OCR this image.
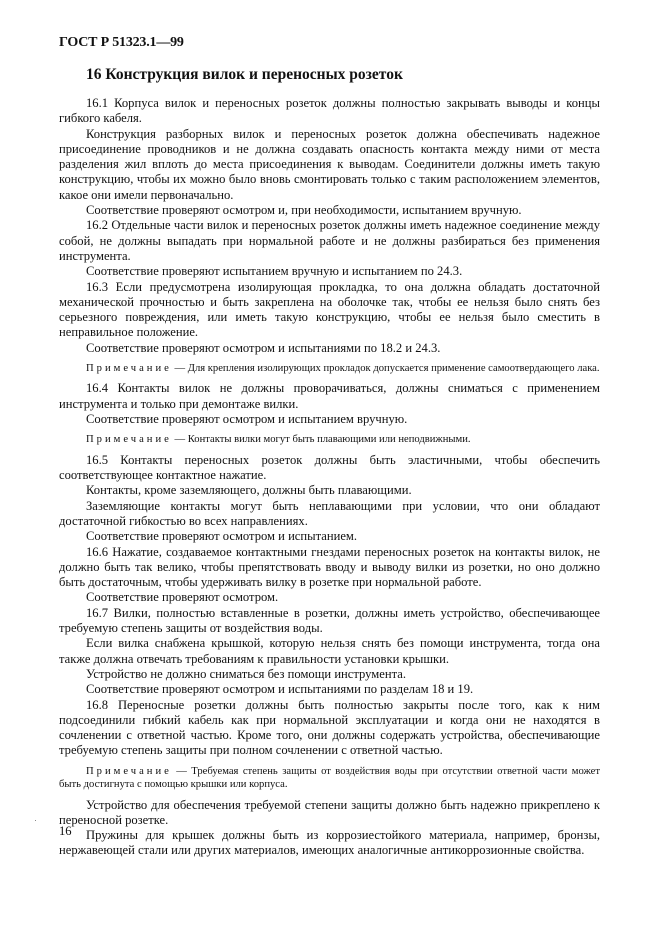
ГОСТ Р 51323.1—99
16 Конструкция вилок и переносных розеток

16.1 Корпуса вилок и переносных розеток должны полностью закрывать выводы и концы гибкого кабеля.

Конструкция разборных вилок и переносных розеток должна обеспечивать надежное присоединение проводников и не должна создавать опасность контакта между ними от места разделения жил вплоть до места присоединения к выводам. Соединители должны иметь такую конструкцию, чтобы их можно было вновь смонтировать только с таким расположением элементов, какое они имели первоначально.

Соответствие проверяют осмотром и, при необходимости, испытанием вручную.

16.2 Отдельные части вилок и переносных розеток должны иметь надежное соединение между собой, не должны выпадать при нормальной работе и не должны разбираться без применения инструмента.

Соответствие проверяют испытанием вручную и испытанием по 24.3.

16.3 Если предусмотрена изолирующая прокладка, то она должна обладать достаточной механической прочностью и быть закреплена на оболочке так, чтобы ее нельзя было снять без серьезного повреждения, или иметь такую конструкцию, чтобы ее нельзя было сместить в неправильное положение.

Соответствие проверяют осмотром и испытаниями по 18.2 и 24.3.

Примечание — Для крепления изолирующих прокладок допускается применение самоотвердающего лака.

16.4 Контакты вилок не должны проворачиваться, должны сниматься с применением инструмента и только при демонтаже вилки.

Соответствие проверяют осмотром и испытанием вручную.

Примечание — Контакты вилки могут быть плавающими или неподвижными.

16.5 Контакты переносных розеток должны быть эластичными, чтобы обеспечить соответствующее контактное нажатие.

Контакты, кроме заземляющего, должны быть плавающими.

Заземляющие контакты могут быть неплавающими при условии, что они обладают достаточной гибкостью во всех направлениях.

Соответствие проверяют осмотром и испытанием.

16.6 Нажатие, создаваемое контактными гнездами переносных розеток на контакты вилок, не должно быть так велико, чтобы препятствовать вводу и выводу вилки из розетки, но оно должно быть достаточным, чтобы удерживать вилку в розетке при нормальной работе.

Соответствие проверяют осмотром.

16.7 Вилки, полностью вставленные в розетки, должны иметь устройство, обеспечивающее требуемую степень защиты от воздействия воды.

Если вилка снабжена крышкой, которую нельзя снять без помощи инструмента, тогда она также должна отвечать требованиям к правильности установки крышки.

Устройство не должно сниматься без помощи инструмента.

Соответствие проверяют осмотром и испытаниями по разделам 18 и 19.

16.8 Переносные розетки должны быть полностью закрыты после того, как к ним подсоединили гибкий кабель как при нормальной эксплуатации и когда они не находятся в сочленении с ответной частью. Кроме того, они должны содержать устройства, обеспечивающие требуемую степень защиты при полном сочленении с ответной частью.

Примечание — Требуемая степень защиты от воздействия воды при отсутствии ответной части может быть достигнута с помощью крышки или корпуса.

Устройство для обеспечения требуемой степени защиты должно быть надежно прикреплено к переносной розетке.

Пружины для крышек должны быть из коррозиестойкого материала, например, бронзы, нержавеющей стали или других материалов, имеющих аналогичные антикоррозионные свойства.

16
